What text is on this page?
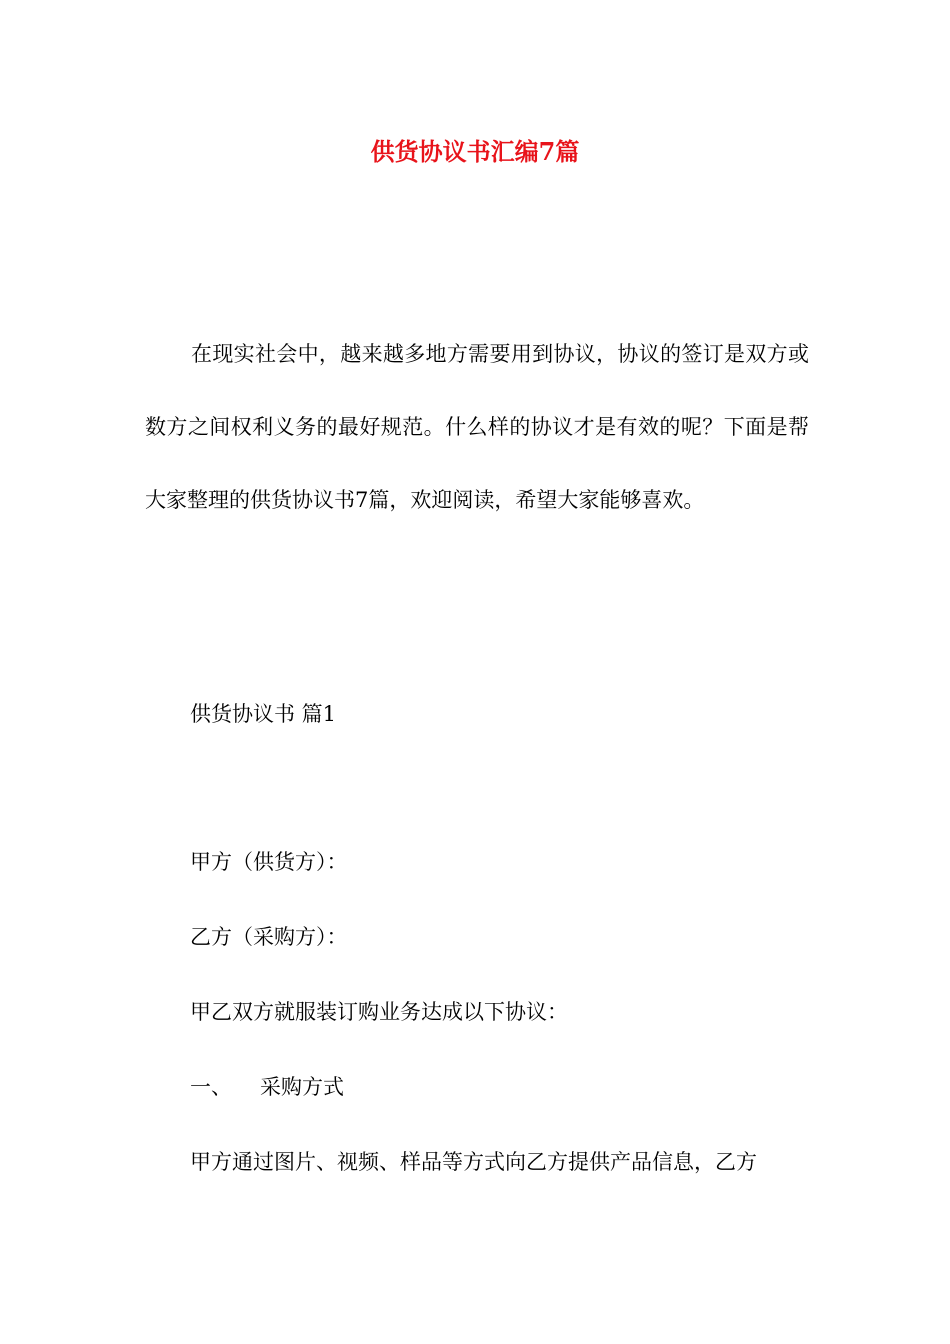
供货协议书汇编7篇

在现实社会中，越来越多地方需要用到协议，协议的签订是双方或数方之间权利义务的最好规范。什么样的协议才是有效的呢？下面是帮大家整理的供货协议书7篇，欢迎阅读，希望大家能够喜欢。

供货协议书 篇1

甲方（供货方）：

乙方（采购方）：

甲乙双方就服装订购业务达成以下协议：

一、 采购方式

甲方通过图片、视频、样品等方式向乙方提供产品信息，乙方
